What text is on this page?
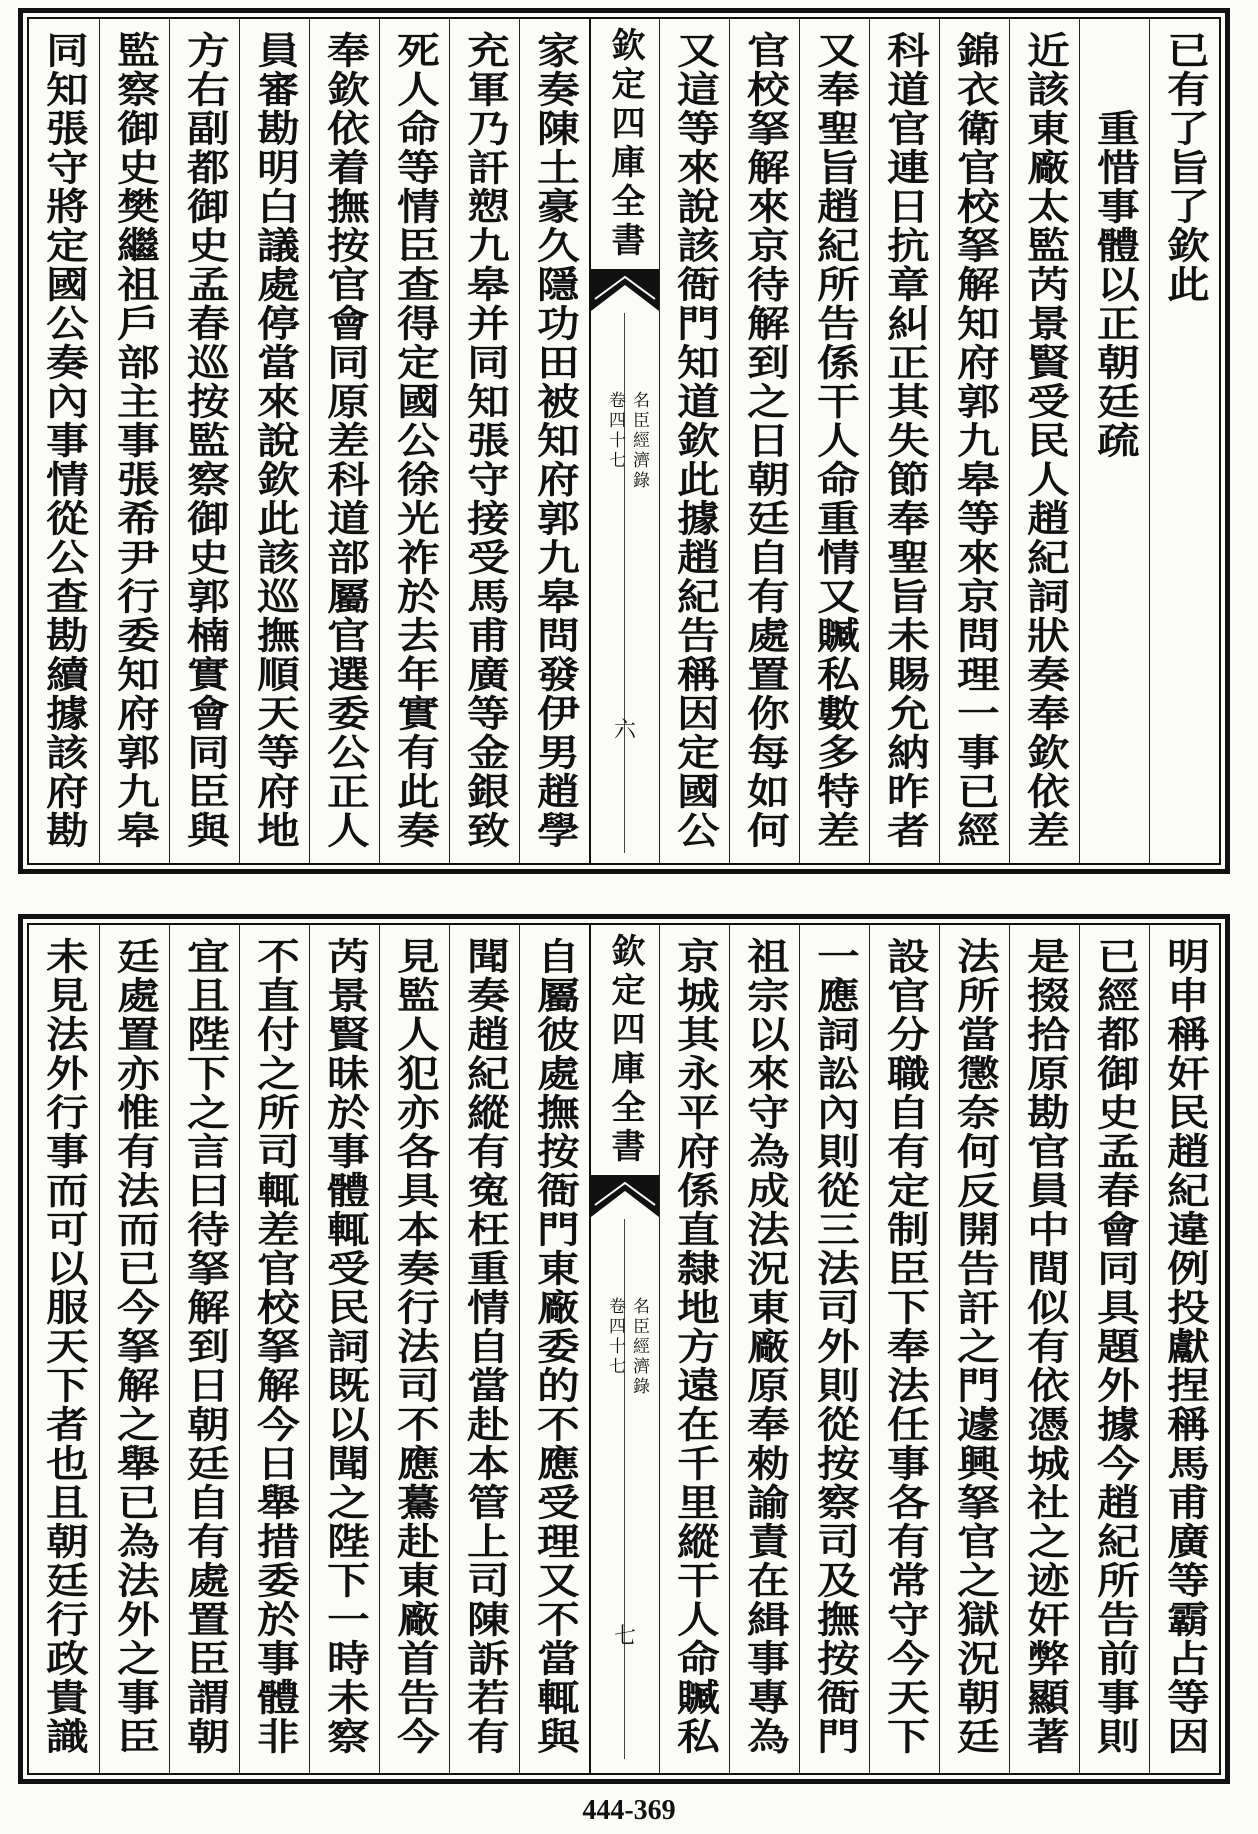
已有了旨了欽此
重惜事體以正朝廷疏
近該東廠太監芮景賢受民人趙紀詞狀奏奉欽依差
錦衣衛官校拏解知府郭九皋等來京問理一事已經
科道官連日抗章糾正其失節奉聖旨未賜允納昨者
又奉聖旨趙紀所告係干人命重情又贓私數多特差
官校拏解來京待解到之日朝廷自有處置你每如何
又這等來說該衙門知道欽此據趙紀告稱因定國公
欽定四庫全書
名臣經濟錄
卷四十七
六
家奏陳土豪久隱功田被知府郭九皋問發伊男趙學
充軍乃訐愬九皋并同知張守接受馬甫廣等金銀致
死人命等情臣查得定國公徐光祚於去年實有此奏
奉欽依着撫按官會同原差科道部屬官選委公正人
員審勘明白議處停當來說欽此該巡撫順天等府地
方右副都御史孟春巡按監察御史郭楠實會同臣與
監察御史樊繼祖戶部主事張希尹行委知府郭九皋
同知張守將定國公奏內事情從公查勘續據該府勘
明申稱奸民趙紀違例投獻捏稱馬甫廣等霸占等因
已經都御史孟春會同具題外據今趙紀所告前事則
是掇拾原勘官員中間似有依憑城社之迹奸弊顯著
法所當懲奈何反開告訐之門遽興拏官之獄況朝廷
設官分職自有定制臣下奉法任事各有常守今天下
一應詞訟內則從三法司外則從按察司及撫按衙門
祖宗以來守為成法況東廠原奉勑諭責在緝事專為
京城其永平府係直隸地方遠在千里縱干人命贓私
欽定四庫全書
名臣經濟錄
卷四十七
七
自屬彼處撫按衙門東廠委的不應受理又不當輒與
聞奏趙紀縱有寃枉重情自當赴本管上司陳訴若有
見監人犯亦各具本奏行法司不應驀赴東廠首告今
芮景賢昧於事體輒受民詞既以聞之陛下一時未察
不直付之所司輒差官校拏解今日舉措委於事體非
宜且陛下之言曰待拏解到日朝廷自有處置臣謂朝
廷處置亦惟有法而已今拏解之舉已為法外之事臣
未見法外行事而可以服天下者也且朝廷行政貴識
444-369
